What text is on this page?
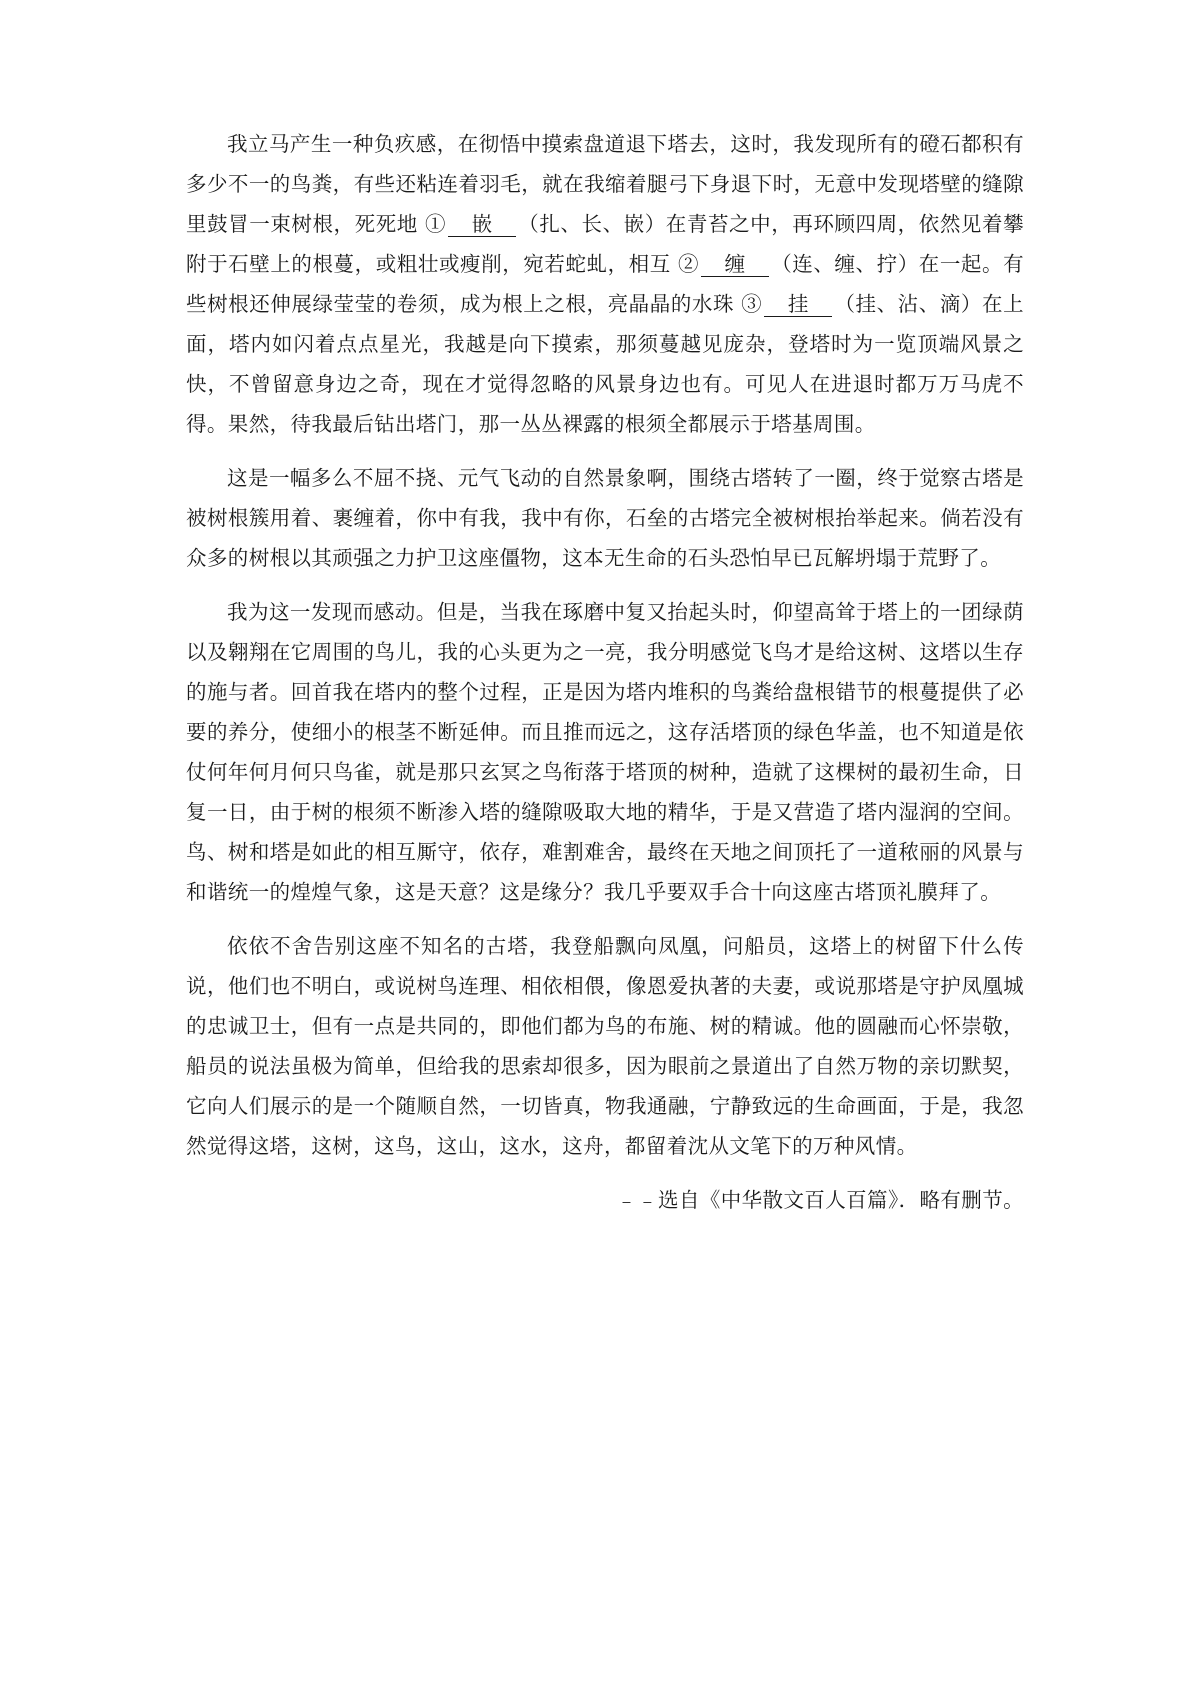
我立马产生一种负疚感，在彻悟中摸索盘道退下塔去，这时，我发现所有的磴石都积有多少不一的鸟粪，有些还粘连着羽毛，就在我缩着腿弓下身退下时，无意中发现塔壁的缝隙里鼓冒一束树根，死死地 ① 嵌 （扎、长、嵌）在青苔之中，再环顾四周，依然见着攀附于石壁上的根蔓，或粗壮或瘦削，宛若蛇虬，相互 ② 缠 （连、缠、拧）在一起。有些树根还伸展绿莹莹的卷须，成为根上之根，亮晶晶的水珠 ③ 挂 （挂、沾、滴）在上面，塔内如闪着点点星光，我越是向下摸索，那须蔓越见庞杂，登塔时为一览顶端风景之快，不曾留意身边之奇，现在才觉得忽略的风景身边也有。可见人在进退时都万万马虎不得。果然，待我最后钻出塔门，那一丛丛裸露的根须全都展示于塔基周围。

这是一幅多么不屈不挠、元气飞动的自然景象啊，围绕古塔转了一圈，终于觉察古塔是被树根簇用着、裹缠着，你中有我，我中有你，石垒的古塔完全被树根抬举起来。倘若没有众多的树根以其顽强之力护卫这座僵物，这本无生命的石头恐怕早已瓦解坍塌于荒野了。

我为这一发现而感动。但是，当我在琢磨中复又抬起头时，仰望高耸于塔上的一团绿荫以及翱翔在它周围的鸟儿，我的心头更为之一亮，我分明感觉飞鸟才是给这树、这塔以生存的施与者。回首我在塔内的整个过程，正是因为塔内堆积的鸟粪给盘根错节的根蔓提供了必要的养分，使细小的根茎不断延伸。而且推而远之，这存活塔顶的绿色华盖，也不知道是依仗何年何月何只鸟雀，就是那只玄冥之鸟衔落于塔顶的树种，造就了这棵树的最初生命，日复一日，由于树的根须不断渗入塔的缝隙吸取大地的精华，于是又营造了塔内湿润的空间。鸟、树和塔是如此的相互厮守，依存，难割难舍，最终在天地之间顶托了一道秾丽的风景与和谐统一的煌煌气象，这是天意？这是缘分？我几乎要双手合十向这座古塔顶礼膜拜了。

依依不舍告别这座不知名的古塔，我登船飘向凤凰，问船员，这塔上的树留下什么传说，他们也不明白，或说树鸟连理、相依相偎，像恩爱执著的夫妻，或说那塔是守护凤凰城的忠诚卫士，但有一点是共同的，即他们都为鸟的布施、树的精诚。他的圆融而心怀崇敬，船员的说法虽极为简单，但给我的思索却很多，因为眼前之景道出了自然万物的亲切默契，它向人们展示的是一个随顺自然，一切皆真，物我通融，宁静致远的生命画面，于是，我忽然觉得这塔，这树，这鸟，这山，这水，这舟，都留着沈从文笔下的万种风情。

﹣﹣选自《中华散文百人百篇》．略有删节。
